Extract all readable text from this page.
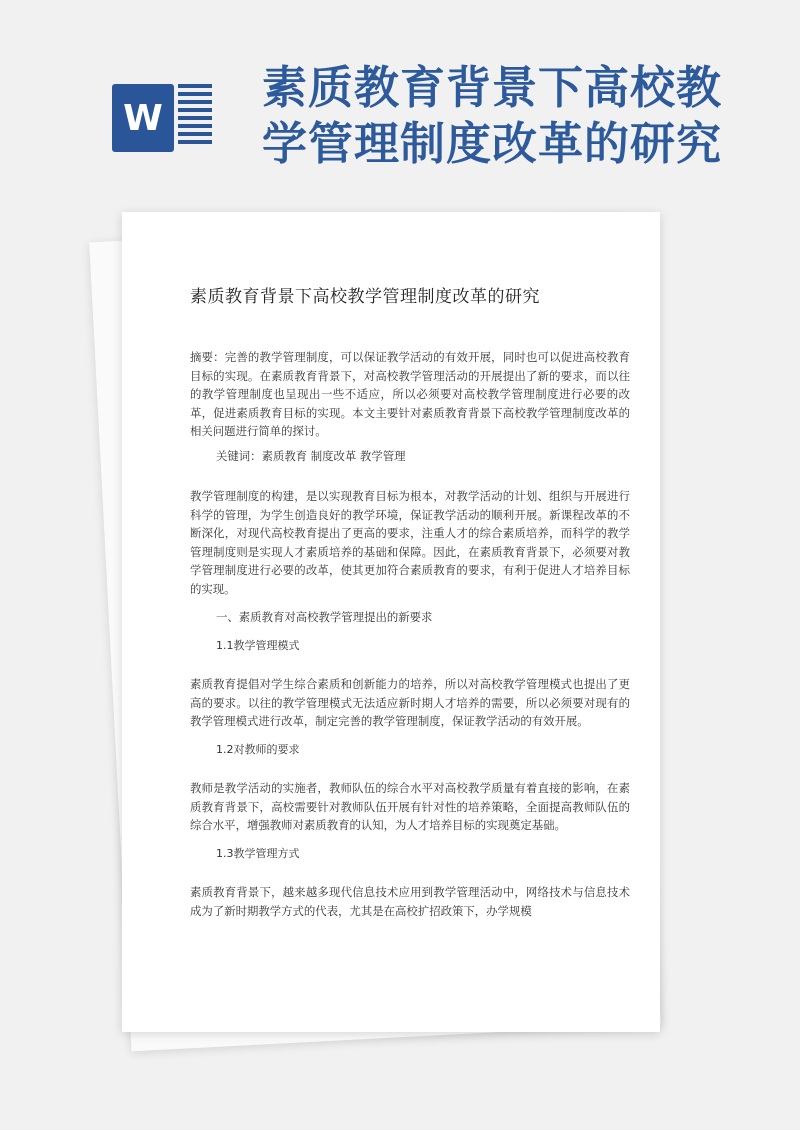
W
素质教育背景下高校教学管理制度改革的研究
素质教育背景下高校教学管理制度改革的研究

摘要：完善的教学管理制度，可以保证教学活动的有效开展，同时也可以促进高校教育目标的实现。在素质教育背景下，对高校教学管理活动的开展提出了新的要求，而以往的教学管理制度也呈现出一些不适应，所以必须要对高校教学管理制度进行必要的改革，促进素质教育目标的实现。本文主要针对素质教育背景下高校教学管理制度改革的相关问题进行简单的探讨。

关键词：素质教育 制度改革 教学管理

教学管理制度的构建，是以实现教育目标为根本，对教学活动的计划、组织与开展进行科学的管理，为学生创造良好的教学环境，保证教学活动的顺利开展。新课程改革的不断深化，对现代高校教育提出了更高的要求，注重人才的综合素质培养，而科学的教学管理制度则是实现人才素质培养的基础和保障。因此，在素质教育背景下，必须要对教学管理制度进行必要的改革，使其更加符合素质教育的要求，有利于促进人才培养目标的实现。

一、素质教育对高校教学管理提出的新要求

1.1教学管理模式

素质教育提倡对学生综合素质和创新能力的培养，所以对高校教学管理模式也提出了更高的要求。以往的教学管理模式无法适应新时期人才培养的需要，所以必须要对现有的教学管理模式进行改革，制定完善的教学管理制度，保证教学活动的有效开展。

1.2对教师的要求

教师是教学活动的实施者，教师队伍的综合水平对高校教学质量有着直接的影响，在素质教育背景下，高校需要针对教师队伍开展有针对性的培养策略，全面提高教师队伍的综合水平，增强教师对素质教育的认知，为人才培养目标的实现奠定基础。

1.3教学管理方式

素质教育背景下，越来越多现代信息技术应用到教学管理活动中，网络技术与信息技术成为了新时期教学方式的代表，尤其是在高校扩招政策下，办学规模
